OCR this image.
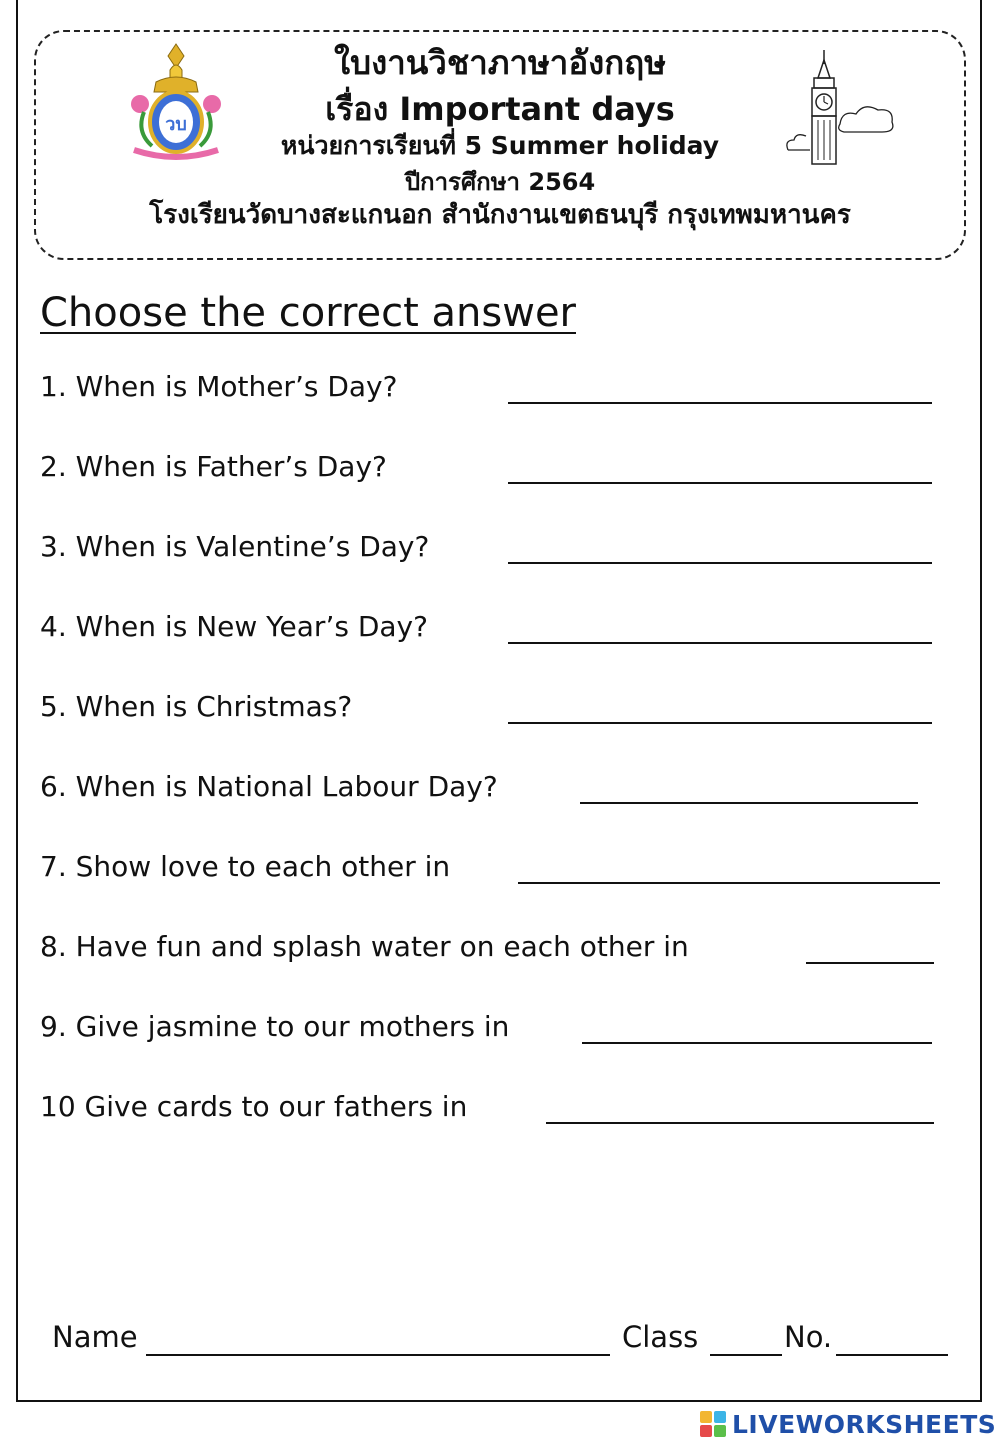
วบ
ใบงานวิชาภาษาอังกฤษ
เรื่อง Important days
หน่วยการเรียนที่ 5 Summer holiday
ปีการศึกษา 2564
โรงเรียนวัดบางสะแกนอก สำนักงานเขตธนบุรี กรุงเทพมหานคร
Choose the correct answer
1. When is Mother’s Day?
2. When is Father’s Day?
3. When is Valentine’s Day?
4. When is New Year’s Day?
5. When is Christmas?
6. When is National Labour Day?
7. Show love to each other in
8. Have fun and splash water on each other in
9. Give jasmine to our mothers in
10 Give cards to our fathers in
Name	Class	No.
LIVEWORKSHEETS
